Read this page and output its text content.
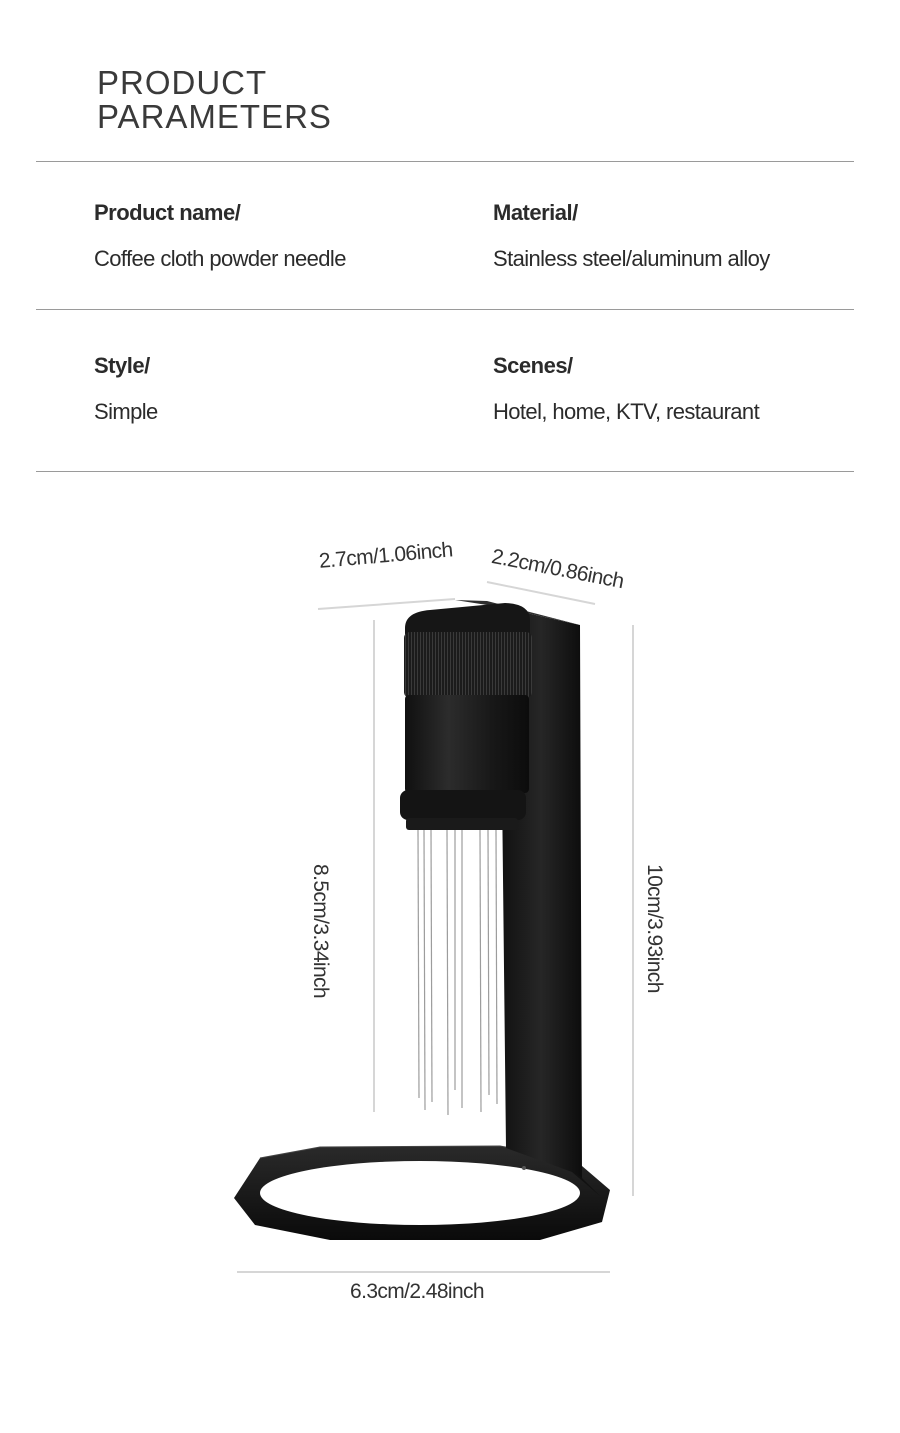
PRODUCT
PARAMETERS
Product name/
Coffee cloth powder needle
Material/
Stainless steel/aluminum alloy
Style/
Simple
Scenes/
Hotel, home, KTV, restaurant
2.7cm/1.06inch 2.2cm/0.86inch
8.5cm/3.34inch	10cm/3.93inch
6.3cm/2.48inch
